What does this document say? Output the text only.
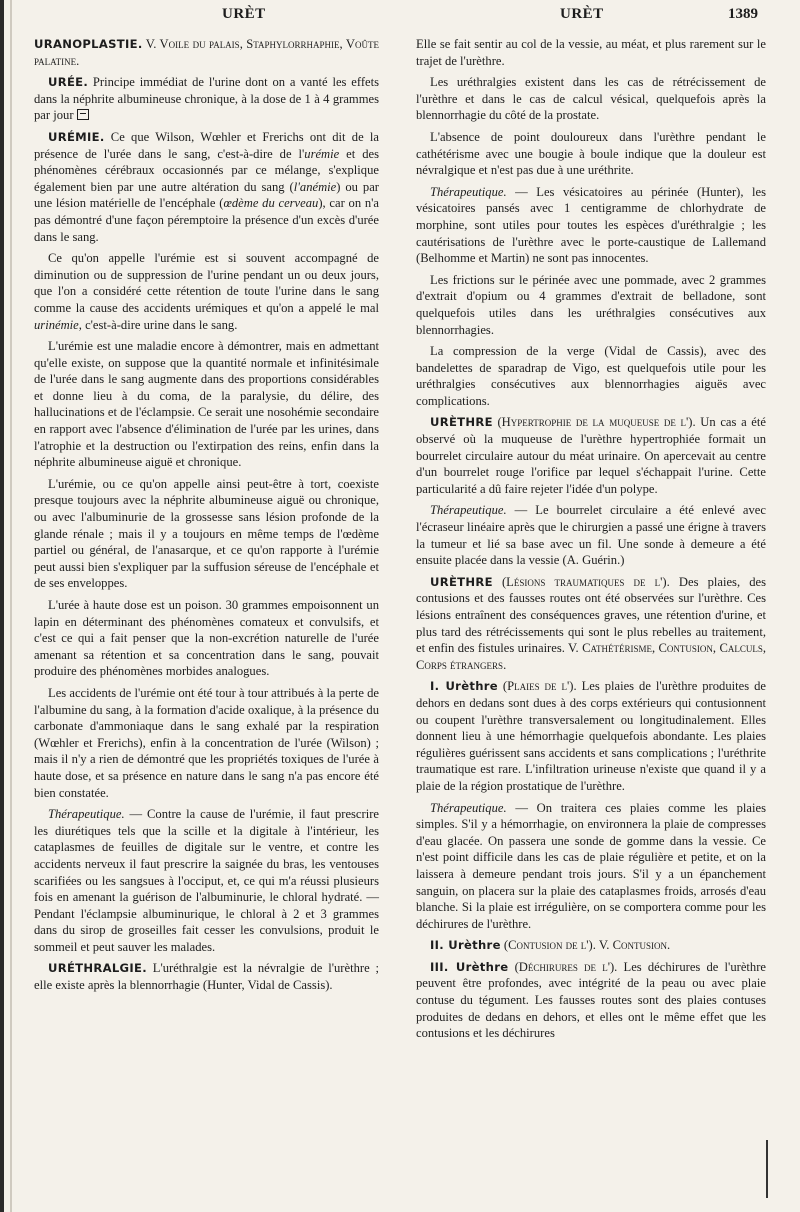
URÈT	URÈT	1389

URANOPLASTIE. V. Voile du palais, Staphylorrhaphie, Voûte palatine.

URÉE. Principe immédiat de l'urine dont on a vanté les effets dans la néphrite albumineuse chronique, à la dose de 1 à 4 grammes par jour

URÉMIE. Ce que Wilson, Wœhler et Frerichs ont dit de la présence de l'urée dans le sang, c'est-à-dire de l'urémie et des phénomènes cérébraux occasionnés par ce mélange, s'explique également bien par une autre altération du sang (l'anémie) ou par une lésion matérielle de l'encéphale (œdème du cerveau), car on n'a pas démontré d'une façon péremptoire la présence d'un excès d'urée dans le sang.

Ce qu'on appelle l'urémie est si souvent accompagné de diminution ou de suppression de l'urine pendant un ou deux jours, que l'on a considéré cette rétention de toute l'urine dans le sang comme la cause des accidents urémiques et qu'on a appelé le mal urinémie, c'est-à-dire urine dans le sang.

L'urémie est une maladie encore à démontrer, mais en admettant qu'elle existe, on suppose que la quantité normale et infinitésimale de l'urée dans le sang augmente dans des proportions considérables et donne lieu à du coma, de la paralysie, du délire, des hallucinations et de l'éclampsie. Ce serait une nosohémie secondaire en rapport avec l'absence d'élimination de l'urée par les urines, dans l'atrophie et la destruction ou l'extirpation des reins, enfin dans la néphrite albumineuse aiguë et chronique.

L'urémie, ou ce qu'on appelle ainsi peut-être à tort, coexiste presque toujours avec la néphrite albumineuse aiguë ou chronique, ou avec l'albuminurie de la grossesse sans lésion profonde de la glande rénale ; mais il y a toujours en même temps de l'œdème partiel ou général, de l'anasarque, et ce qu'on rapporte à l'urémie peut aussi bien s'expliquer par la suffusion séreuse de l'encéphale et de ses enveloppes.

L'urée à haute dose est un poison. 30 grammes empoisonnent un lapin en déterminant des phénomènes comateux et convulsifs, et c'est ce qui a fait penser que la non-excrétion naturelle de l'urée amenant sa rétention et sa concentration dans le sang, pouvait produire des phénomènes morbides analogues.

Les accidents de l'urémie ont été tour à tour attribués à la perte de l'albumine du sang, à la formation d'acide oxalique, à la présence du carbonate d'ammoniaque dans le sang exhalé par la respiration (Wœhler et Frerichs), enfin à la concentration de l'urée (Wilson) ; mais il n'y a rien de démontré que les propriétés toxiques de l'urée à haute dose, et sa présence en nature dans le sang n'a pas encore été bien constatée.

Thérapeutique. — Contre la cause de l'urémie, il faut prescrire les diurétiques tels que la scille et la digitale à l'intérieur, les cataplasmes de feuilles de digitale sur le ventre, et contre les accidents nerveux il faut prescrire la saignée du bras, les ventouses scarifiées ou les sangsues à l'occiput, et, ce qui m'a réussi plusieurs fois en amenant la guérison de l'albuminurie, le chloral hydraté. — Pendant l'éclampsie albuminurique, le chloral à 2 et 3 grammes dans du sirop de groseilles fait cesser les convulsions, produit le sommeil et peut sauver les malades.

URÉTHRALGIE. L'uréthralgie est la névralgie de l'urèthre ; elle existe après la blennorrhagie (Hunter, Vidal de Cassis).

Elle se fait sentir au col de la vessie, au méat, et plus rarement sur le trajet de l'urèthre.

Les uréthralgies existent dans les cas de rétrécissement de l'urèthre et dans le cas de calcul vésical, quelquefois après la blennorrhagie du côté de la prostate.

L'absence de point douloureux dans l'urèthre pendant le cathétérisme avec une bougie à boule indique que la douleur est névralgique et n'est pas due à une uréthrite.

Thérapeutique. — Les vésicatoires au périnée (Hunter), les vésicatoires pansés avec 1 centigramme de chlorhydrate de morphine, sont utiles pour toutes les espèces d'uréthralgie ; les cautérisations de l'urèthre avec le porte-caustique de Lallemand (Belhomme et Martin) ne sont pas innocentes.

Les frictions sur le périnée avec une pommade, avec 2 grammes d'extrait d'opium ou 4 grammes d'extrait de belladone, sont quelquefois utiles dans les uréthralgies consécutives aux blennorrhagies.

La compression de la verge (Vidal de Cassis), avec des bandelettes de sparadrap de Vigo, est quelquefois utile pour les uréthralgies consécutives aux blennorrhagies aiguës avec complications.

URÈTHRE (Hypertrophie de la muqueuse de l'). Un cas a été observé où la muqueuse de l'urèthre hypertrophiée formait un bourrelet circulaire autour du méat urinaire. On apercevait au centre d'un bourrelet rouge l'orifice par lequel s'échappait l'urine. Cette particularité a dû faire rejeter l'idée d'un polype.

Thérapeutique. — Le bourrelet circulaire a été enlevé avec l'écraseur linéaire après que le chirurgien a passé une érigne à travers la tumeur et lié sa base avec un fil. Une sonde à demeure a été ensuite placée dans la vessie (A. Guérin.)

URÈTHRE (Lésions traumatiques de l'). Des plaies, des contusions et des fausses routes ont été observées sur l'urèthre. Ces lésions entraînent des conséquences graves, une rétention d'urine, et plus tard des rétrécissements qui sont le plus rebelles au traitement, et enfin des fistules urinaires. V. Cathétérisme, Contusion, Calculs, Corps étrangers.

I. Urèthre (Plaies de l'). Les plaies de l'urèthre produites de dehors en dedans sont dues à des corps extérieurs qui contusionnent ou coupent l'urèthre transversalement ou longitudinalement. Elles donnent lieu à une hémorrhagie quelquefois abondante. Les plaies régulières guérissent sans accidents et sans complications ; l'uréthrite traumatique est rare. L'infiltration urineuse n'existe que quand il y a plaie de la région prostatique de l'urèthre.

Thérapeutique. — On traitera ces plaies comme les plaies simples. S'il y a hémorrhagie, on environnera la plaie de compresses d'eau glacée. On passera une sonde de gomme dans la vessie. Ce n'est point difficile dans les cas de plaie régulière et petite, et on la laissera à demeure pendant trois jours. S'il y a un épanchement sanguin, on placera sur la plaie des cataplasmes froids, arrosés d'eau blanche. Si la plaie est irrégulière, on se comportera comme pour les déchirures de l'urèthre.

II. Urèthre (Contusion de l'). V. Contusion.

III. Urèthre (Déchirures de l'). Les déchirures de l'urèthre peuvent être profondes, avec intégrité de la peau ou avec plaie contuse du tégument. Les fausses routes sont des plaies contuses produites de dedans en dehors, et elles ont le même effet que les contusions et les déchirures
